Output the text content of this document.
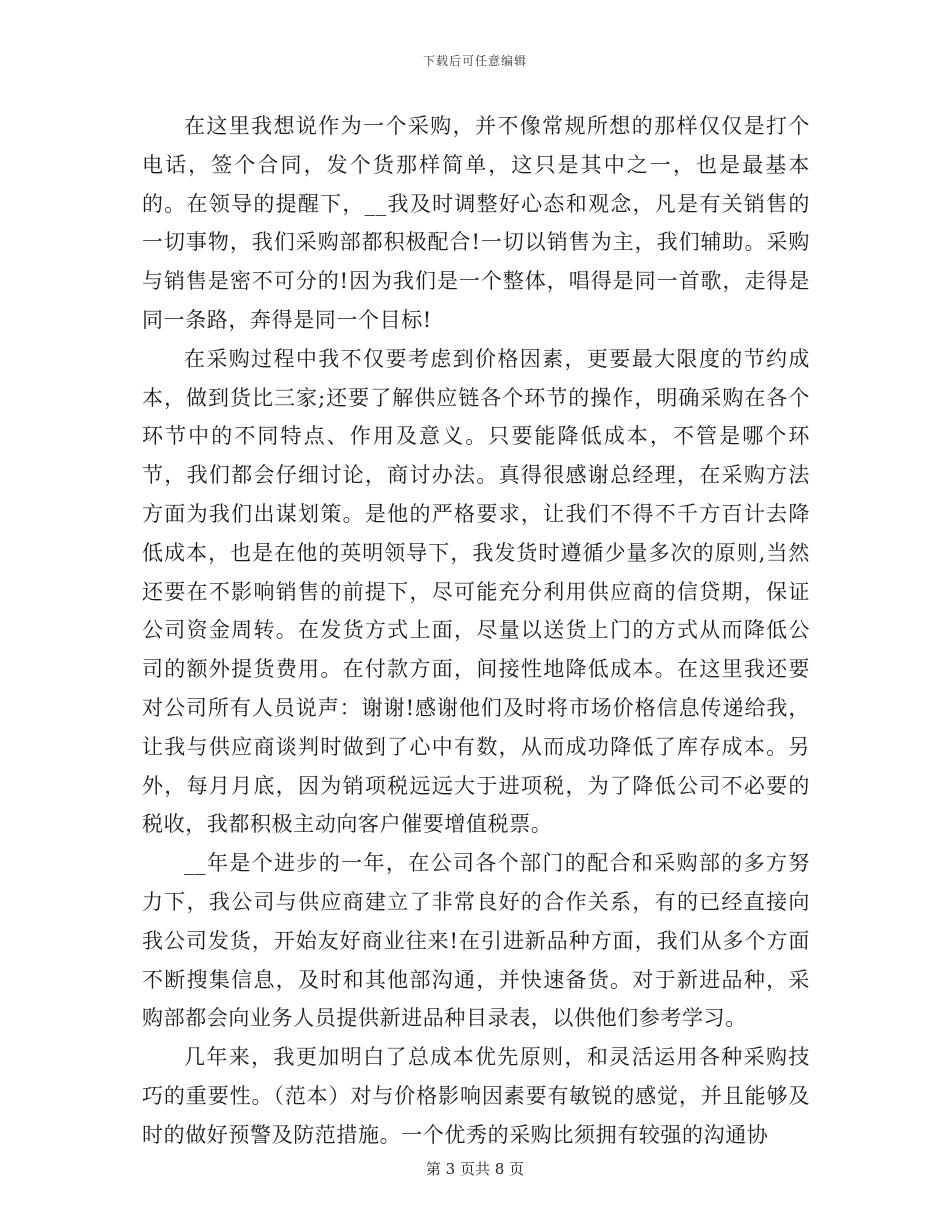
下载后可任意编辑

在这里我想说作为一个采购，并不像常规所想的那样仅仅是打个电话，签个合同，发个货那样简单，这只是其中之一，也是最基本的。在领导的提醒下，__我及时调整好心态和观念，凡是有关销售的一切事物，我们采购部都积极配合!一切以销售为主，我们辅助。采购与销售是密不可分的!因为我们是一个整体，唱得是同一首歌，走得是同一条路，奔得是同一个目标!

在采购过程中我不仅要考虑到价格因素，更要最大限度的节约成本，做到货比三家;还要了解供应链各个环节的操作，明确采购在各个环节中的不同特点、作用及意义。只要能降低成本，不管是哪个环节，我们都会仔细讨论，商讨办法。真得很感谢总经理，在采购方法方面为我们出谋划策。是他的严格要求，让我们不得不千方百计去降低成本，也是在他的英明领导下，我发货时遵循少量多次的原则,当然还要在不影响销售的前提下，尽可能充分利用供应商的信贷期，保证公司资金周转。在发货方式上面，尽量以送货上门的方式从而降低公司的额外提货费用。在付款方面，间接性地降低成本。在这里我还要对公司所有人员说声：谢谢!感谢他们及时将市场价格信息传递给我，让我与供应商谈判时做到了心中有数，从而成功降低了库存成本。另外，每月月底，因为销项税远远大于进项税，为了降低公司不必要的税收，我都积极主动向客户催要增值税票。

__年是个进步的一年，在公司各个部门的配合和采购部的多方努力下，我公司与供应商建立了非常良好的合作关系，有的已经直接向我公司发货，开始友好商业往来!在引进新品种方面，我们从多个方面不断搜集信息，及时和其他部沟通，并快速备货。对于新进品种，采购部都会向业务人员提供新进品种目录表，以供他们参考学习。

几年来，我更加明白了总成本优先原则，和灵活运用各种采购技巧的重要性。（范本）对与价格影响因素要有敏锐的感觉，并且能够及时的做好预警及防范措施。一个优秀的采购比须拥有较强的沟通协

第 3 页共 8 页
